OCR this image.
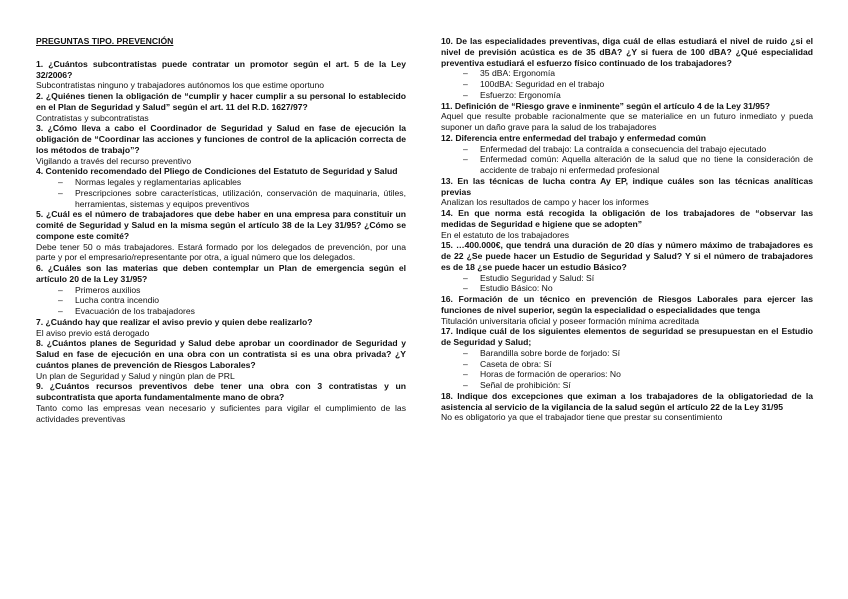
PREGUNTAS TIPO. PREVENCIÓN
1. ¿Cuántos subcontratistas puede contratar un promotor según el art. 5 de la Ley 32/2006?
Subcontratistas ninguno y trabajadores autónomos los que estime oportuno
2. ¿Quiénes tienen la obligación de “cumplir y hacer cumplir a su personal lo establecido en el Plan de Seguridad y Salud” según el art. 11 del R.D. 1627/97?
Contratistas y subcontratistas
3. ¿Cómo lleva a cabo el Coordinador de Seguridad y Salud en fase de ejecución la obligación de “Coordinar las acciones y funciones de control de la aplicación correcta de los métodos de trabajo”?
Vigilando a través del recurso preventivo
4. Contenido recomendado del Pliego de Condiciones del Estatuto de Seguridad y Salud
– Normas legales y reglamentarias aplicables
– Prescripciones sobre características, utilización, conservación de maquinaria, útiles, herramientas, sistemas y equipos preventivos
5. ¿Cuál es el número de trabajadores que debe haber en una empresa para constituir un comité de Seguridad y Salud en la misma según el artículo 38 de la Ley 31/95? ¿Cómo se compone este comité?
Debe tener 50 o más trabajadores. Estará formado por los delegados de prevención, por una parte y por el empresario/representante por otra, a igual número que los delegados.
6. ¿Cuáles son las materias que deben contemplar un Plan de emergencia según el artículo 20 de la Ley 31/95?
– Primeros auxilios
– Lucha contra incendio
– Evacuación de los trabajadores
7. ¿Cuándo hay que realizar el aviso previo y quien debe realizarlo?
El aviso previo está derogado
8. ¿Cuántos planes de Seguridad y Salud debe aprobar un coordinador de Seguridad y Salud en fase de ejecución en una obra con un contratista si es una obra privada? ¿Y cuántos planes de prevención de Riesgos Laborales?
Un plan de Seguridad y Salud y ningún plan de PRL
9. ¿Cuántos recursos preventivos debe tener una obra con 3 contratistas y un subcontratista que aporta fundamentalmente mano de obra?
Tanto como las empresas vean necesario y suficientes para vigilar el cumplimiento de las actividades preventivas
10. De las especialidades preventivas, diga cuál de ellas estudiará el nivel de ruido ¿si el nivel de previsión acústica es de 35 dBA? ¿Y si fuera de 100 dBA? ¿Qué especialidad preventiva estudiará el esfuerzo físico continuado de los trabajadores?
– 35 dBA: Ergonomía
– 100dBA: Seguridad en el trabajo
– Esfuerzo: Ergonomía
11. Definición de “Riesgo grave e inminente” según el artículo 4 de la Ley 31/95?
Aquel que resulte probable racionalmente que se materialice en un futuro inmediato y pueda suponer un daño grave para la salud de los trabajadores
12. Diferencia entre enfermedad del trabajo y enfermedad común
– Enfermedad del trabajo: La contraída a consecuencia del trabajo ejecutado
– Enfermedad común: Aquella alteración de la salud que no tiene la consideración de accidente de trabajo ni enfermedad profesional
13. En las técnicas de lucha contra Ay EP, indique cuáles son las técnicas analíticas previas
Analizan los resultados de campo y hacer los informes
14. En que norma está recogida la obligación de los trabajadores de “observar las medidas de Seguridad e higiene que se adopten”
En el estatuto de los trabajadores
15. …400.000€, que tendrá una duración de 20 días y número máximo de trabajadores es de 22 ¿Se puede hacer un Estudio de Seguridad y Salud? Y si el número de trabajadores es de 18 ¿se puede hacer un estudio Básico?
– Estudio Seguridad y Salud: Sí
– Estudio Básico: No
16. Formación de un técnico en prevención de Riesgos Laborales para ejercer las funciones de nivel superior, según la especialidad o especialidades que tenga
Titulación universitaria oficial y poseer formación mínima acreditada
17. Indique cuál de los siguientes elementos de seguridad se presupuestan en el Estudio de Seguridad y Salud;
– Barandilla sobre borde de forjado: Sí
– Caseta de obra: Sí
– Horas de formación de operarios: No
– Señal de prohibición: Sí
18. Indique dos excepciones que eximan a los trabajadores de la obligatoriedad de la asistencia al servicio de la vigilancia de la salud según el artículo 22 de la Ley 31/95
No es obligatorio ya que el trabajador tiene que prestar su consentimiento
